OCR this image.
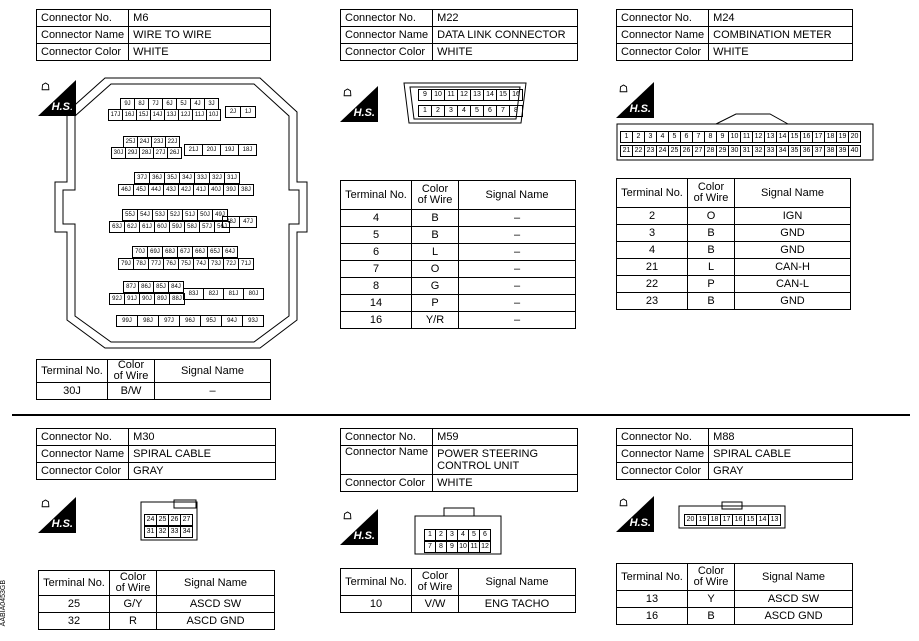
Connector No.	M6
Connector Name	WIRE TO WIRE
Connector Color	WHITE
☖
H.S.	9J	8J	7J	6J	5J	4J	3J
17J 16J 15J 14J 13J 12J 11J 10J	2J	1J
25J 24J 23J 22J
30J 29J 28J 27J 26J	21J	20J	19J	18J
37J 36J 35J 34J 33J 32J 31J
46J 45J 44J 43J 42J 41J 40J 39J 38J
55J 54J 53J 52J 51J 50J 49J
63J 62J 61J 60J 59J 58J 57J 56J
48J	47J
70J 69J 68J 67J 66J 65J 64J
79J 78J 77J 76J 75J 74J 73J 72J 71J
87J 86J 85J 84J
92J 91J 90J 89J 88J
83J	82J	81J	80J
99J	98J	97J	96J	95J	94J	93J
Terminal No.	Color of Wire	Signal Name
30J	B/W	–
Connector No.	M22
Connector Name	DATA LINK CONNECTOR
Connector Color	WHITE
☖
H.S.
9	10 11 12 13 14 15 16
1	2	3	4	5	6	7	8
Terminal No.	Color of Wire	Signal Name
4	B	–
5	B	–
6	L	–
7	O	–
8	G	–
14	P	–
16	Y/R	–
Connector No.	M24
Connector Name	COMBINATION METER
Connector Color	WHITE
☖
H.S.
1	2	3	4	5	6	7	8	9 10 11 12 13 14 15 16 17 18 19 20
21 22 23 24 25 26 27 28 29 30 31 32 33 34 35 36 37 38 39 40
Terminal No.	Color of Wire	Signal Name
2	O	IGN
3	B	GND
4	B	GND
21	L	CAN-H
22	P	CAN-L
23	B	GND
Connector No.	M30
Connector Name	SPIRAL CABLE
Connector Color	GRAY
☖
H.S.	24 25 26 27
31 32 33 34
Terminal No.	Color of Wire	Signal Name
25	G/Y	ASCD SW
32	R	ASCD GND
Connector No.	M59
Connector Name	POWER STEERING CONTROL UNIT
Connector Color	WHITE
☖
H.S.	1	2	3	4	5	6
7	8	9 10 11 12
Terminal No.	Color of Wire	Signal Name
10	V/W	ENG TACHO
Connector No.	M88
Connector Name	SPIRAL CABLE
Connector Color	GRAY
☖
H.S.	20 19 18 17 16 15 14 13
Terminal No.	Color of Wire	Signal Name
13	Y	ASCD SW
16	B	ASCD GND
AABIA0453GB
